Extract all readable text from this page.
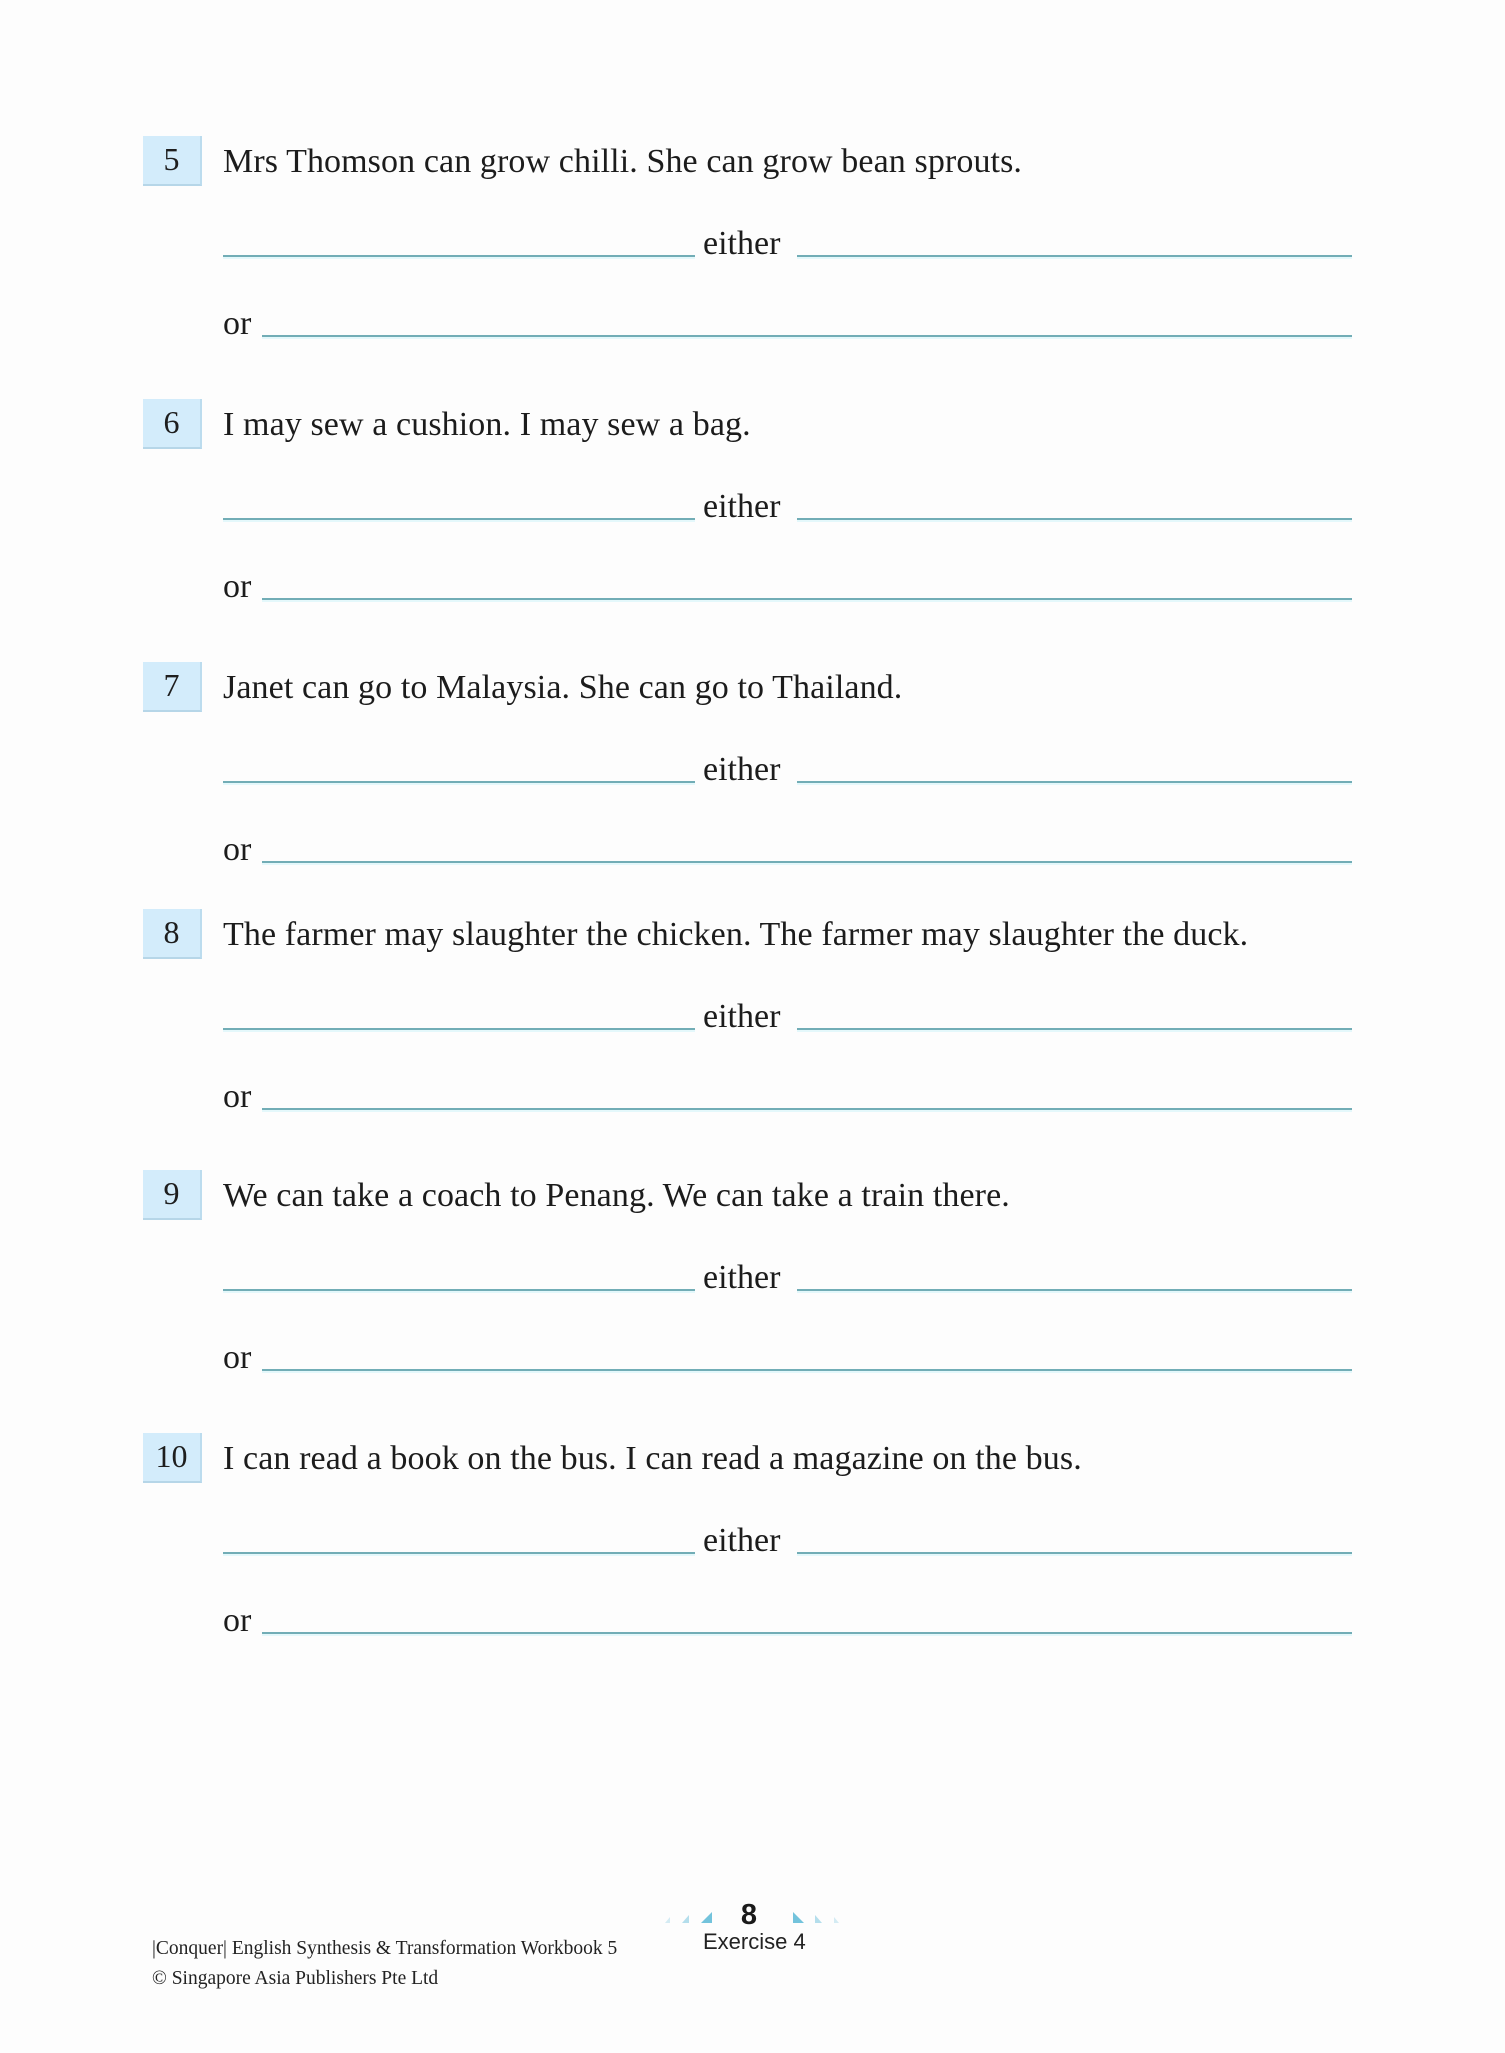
5	Mrs Thomson can grow chilli. She can grow bean sprouts.
either
or
6	I may sew a cushion. I may sew a bag.
either
or
7	Janet can go to Malaysia. She can go to Thailand.
either
or
8	The farmer may slaughter the chicken. The farmer may slaughter the duck.
either
or
9	We can take a coach to Penang. We can take a train there.
either
or
10	I can read a book on the bus. I can read a magazine on the bus.
either
or
|Conquer| English Synthesis & Transformation Workbook 5
© Singapore Asia Publishers Pte Ltd
8
Exercise 4
